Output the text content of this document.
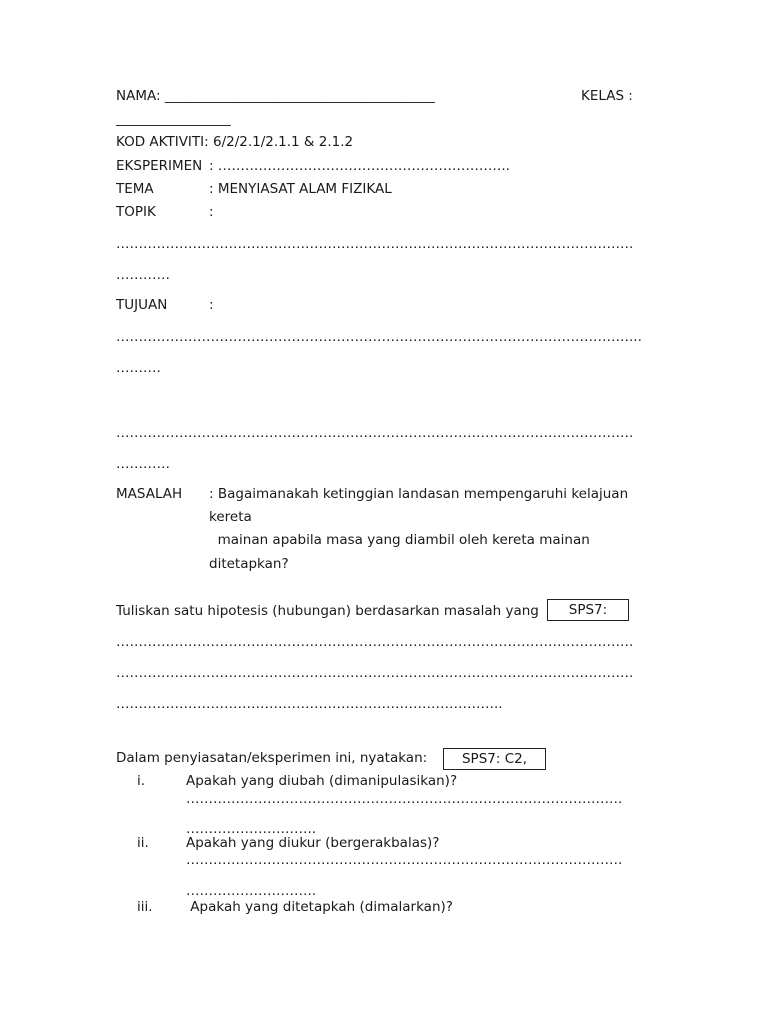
NAMA: ________________________________________	KELAS :
_________________
KOD AKTIVITI: 6/2/2.1/2.1.1 & 2.1.2
EKSPERIMEN : ………………………………………………………..
TEMA	: MENYIASAT ALAM FIZIKAL
TOPIK	:
…………………………………………………………………………………………………….
…………
TUJUAN	:
……………………………………………………………………………………………………...
……….
…………………………………………………………………………………………………….
…………
MASALAH : Bagaimanakah ketinggian landasan mempengaruhi kelajuan
kereta
mainan apabila masa yang diambil oleh kereta mainan
ditetapkan?
Tuliskan satu hipotesis (hubungan) berdasarkan masalah yang	SPS7:
…………………………………………………………………………………………………….
…………………………………………………………………………………………………….
…………………………………………………………………………..
Dalam penyiasatan/eksperimen ini, nyatakan:	SPS7: C2,
i.	Apakah yang diubah (dimanipulasikan)?
…………………………………………………………………………………….
………………………..
ii.	Apakah yang diukur (bergerakbalas)?
…………………………………………………………………………………….
………………………..
iii. Apakah yang ditetapkah (dimalarkan)?
